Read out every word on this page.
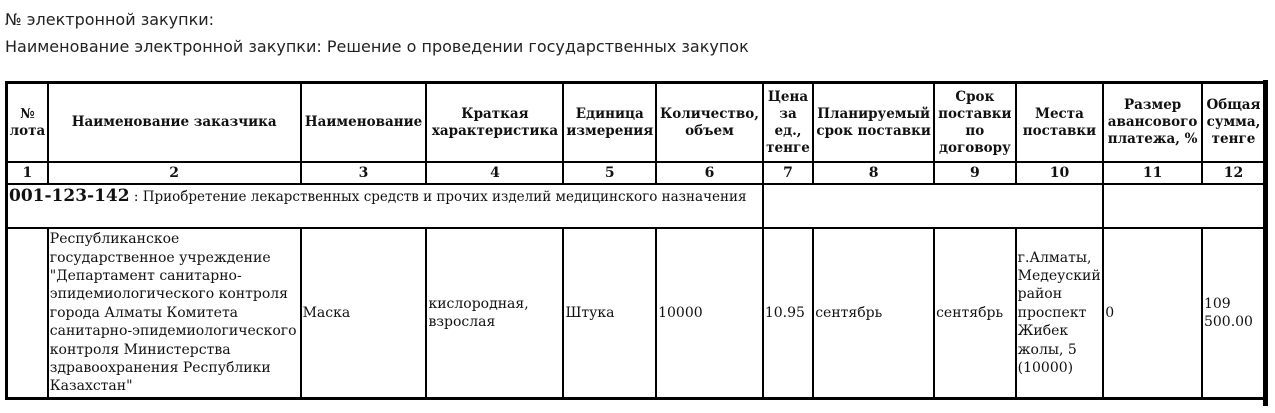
№ электронной закупки:
Наименование электронной закупки: Решение о проведении государственных закупок
№ лота	Наименование заказчика	Наименование	Краткая характеристика	Единица измерения	Количество, объем	Цена за ед., тенге	Планируемый срок поставки	Срок поставки по договору	Места поставки	Размер авансового платежа, %	Общая сумма, тенге
1	2	3	4	5	6	7	8	9	10	11	12
001-123-142 : Приобретение лекарственных средств и прочих изделий медицинского назначения											
	Республиканское государственное учреждение "Департамент санитарно-эпидемиологического контроля города Алматы Комитета санитарно-эпидемиологического контроля Министерства здравоохранения Республики Казахстан"	Маска	кислородная, взрослая	Штука	10000	10.95	сентябрь	сентябрь	г.Алматы, Медеуский район проспект Жибек жолы, 5 (10000)	0	109 500.00
